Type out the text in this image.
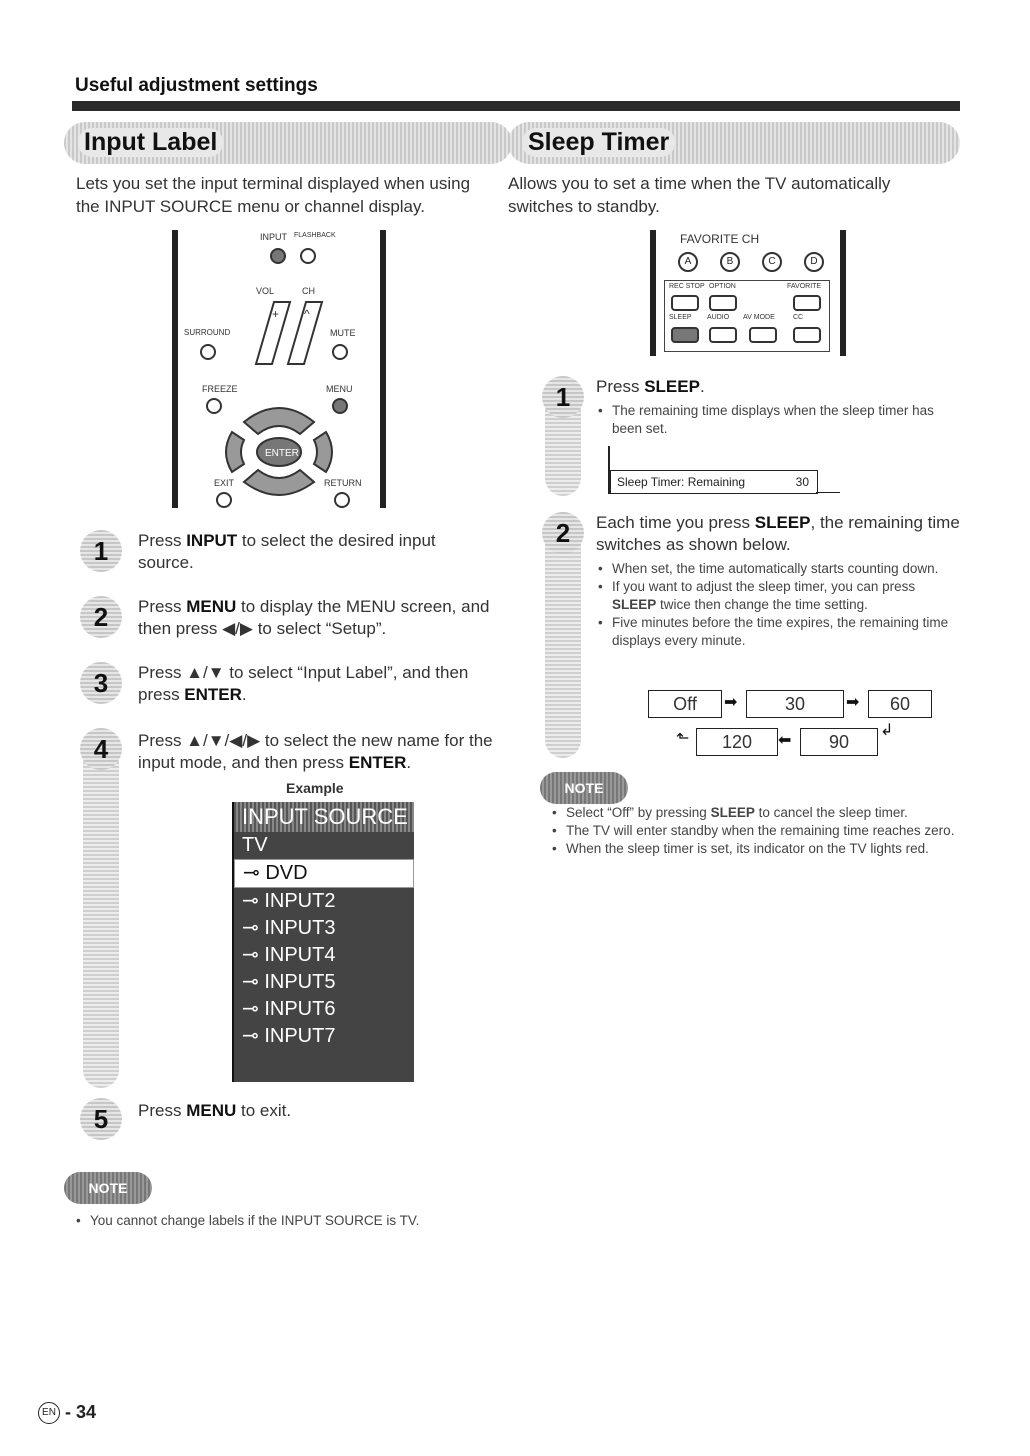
Useful adjustment settings
Input Label
Lets you set the input terminal displayed when using the INPUT SOURCE menu or channel display.
INPUT FLASHBACK
VOL	CH
+ ^
SURROUND	MUTE
FREEZE	MENU
ENTER
EXIT	RETURN
1	Press INPUT to select the desired input source.
2	Press MENU to display the MENU screen, and then press ◀/▶ to select “Setup”.
3	Press ▲/▼ to select “Input Label”, and then press ENTER.
4	Press ▲/▼/◀/▶ to select the new name for the input mode, and then press ENTER.
Example
INPUT SOURCE
TV
⊸ DVD
⊸ INPUT2
⊸ INPUT3
⊸ INPUT4
⊸ INPUT5
⊸ INPUT6
⊸ INPUT7
5	Press MENU to exit.
NOTE
• You cannot change labels if the INPUT SOURCE is TV.
Sleep Timer
Allows you to set a time when the TV automatically switches to standby.
FAVORITE CH
A	B	C	D
REC STOP OPTION	FAVORITE
SLEEP AUDIO AV MODE	CC
1	Press SLEEP.
• The remaining time displays when the sleep timer has been set.
Sleep Timer: Remaining	30
2	Each time you press SLEEP, the remaining time switches as shown below.
• When set, the time automatically starts counting down.
• If you want to adjust the sleep timer, you can press SLEEP twice then change the time setting.
• Five minutes before the time expires, the remaining time displays every minute.
Off	➡	30	➡	60
↲
90
⬅
120
⬑
NOTE
• Select “Off” by pressing SLEEP to cancel the sleep timer.
• The TV will enter standby when the remaining time reaches zero.
• When the sleep timer is set, its indicator on the TV lights red.
EN - 34
